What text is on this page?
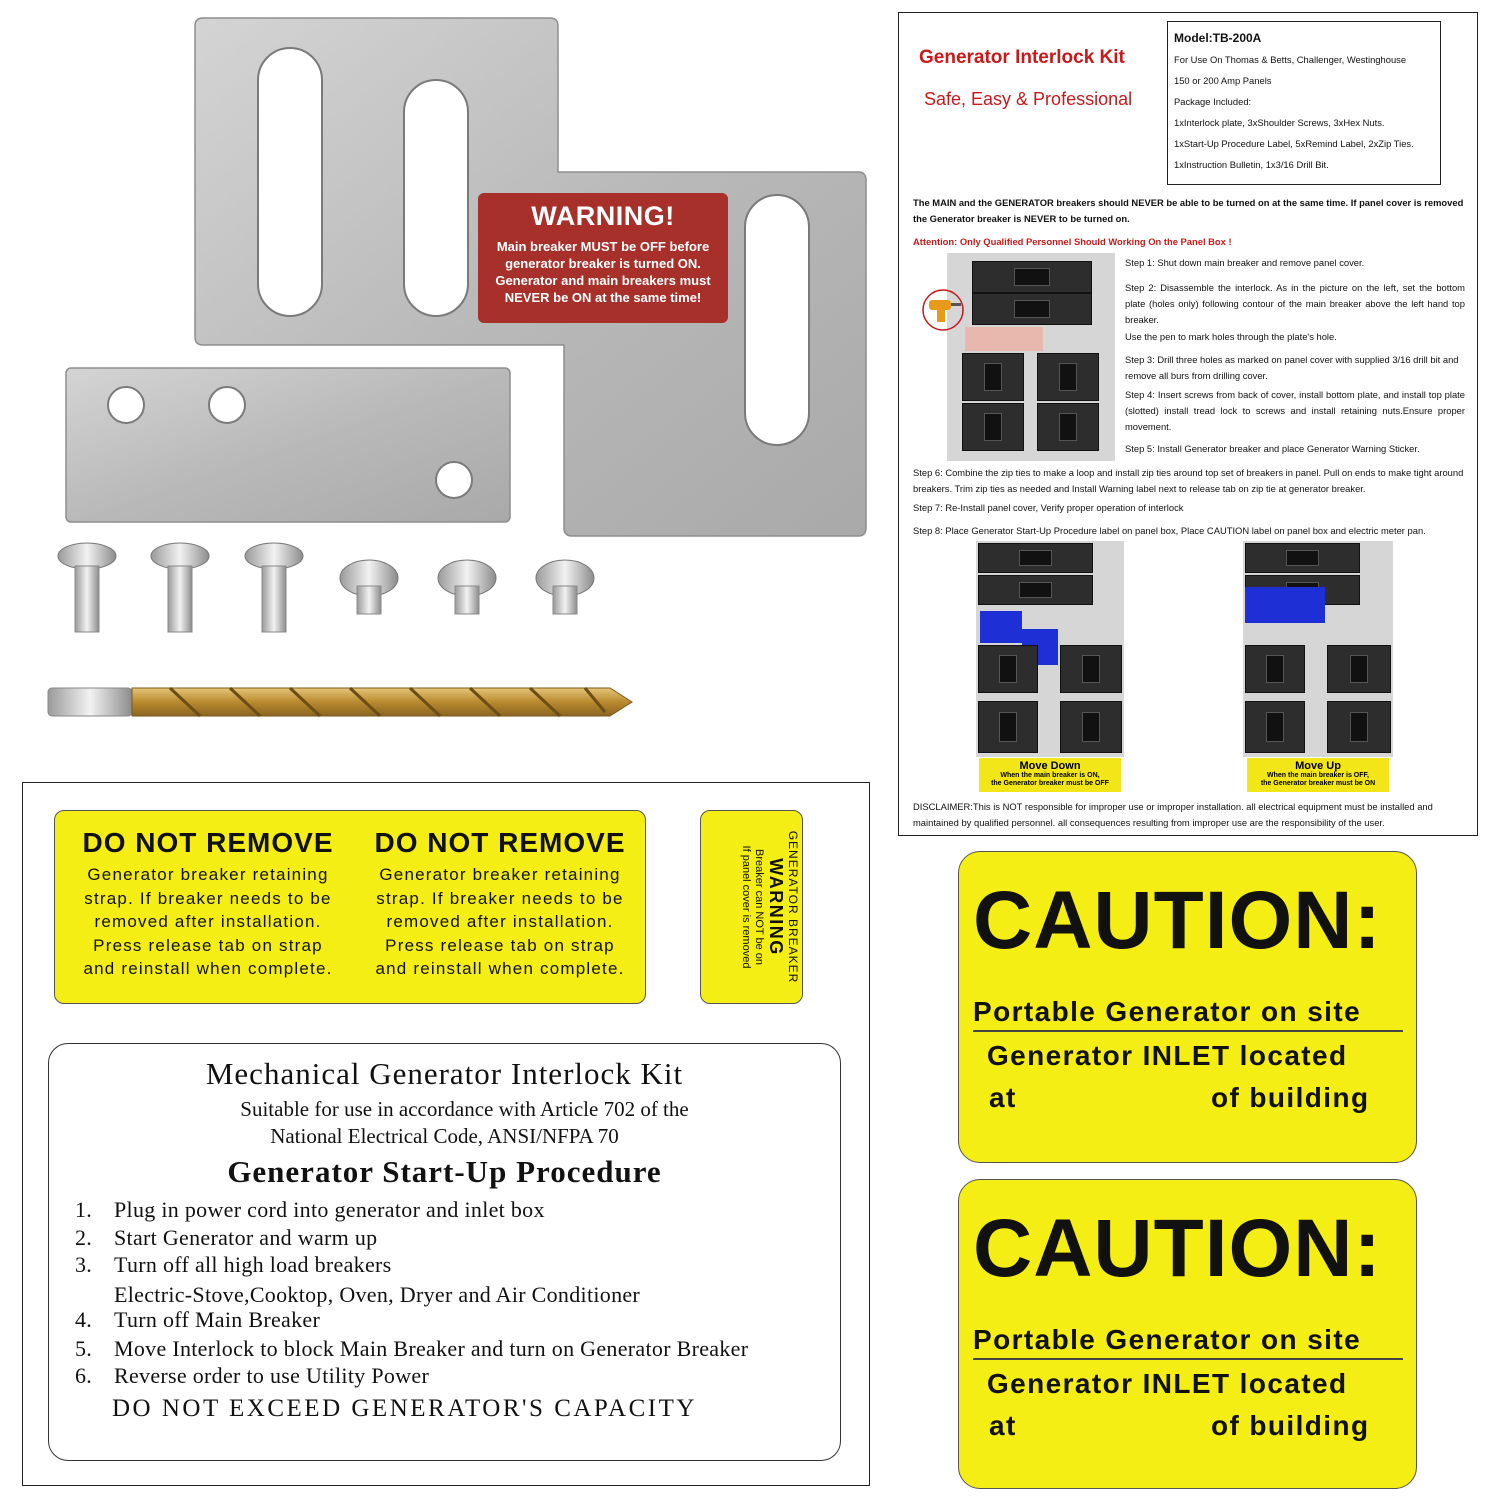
WARNING!
Main breaker MUST be OFF before
generator breaker is turned ON.
Generator and main breakers must
NEVER be ON at the same time!
Generator Interlock Kit
Safe, Easy & Professional
Model:TB-200A
For Use On Thomas & Betts, Challenger, Westinghouse
150 or 200 Amp Panels
Package Included:
1xInterlock plate, 3xShoulder Screws, 3xHex Nuts.
1xStart-Up Procedure Label, 5xRemind Label, 2xZip Ties.
1xInstruction Bulletin, 1x3/16 Drill Bit.
The MAIN and the GENERATOR breakers should NEVER be able to be turned on at the same time. If panel cover is removed the Generator breaker is NEVER to be turned on.
Attention: Only Qualified Personnel Should Working On the Panel Box !
Step 1: Shut down main breaker and remove panel cover.
Step 2: Disassemble the interlock. As in the picture on the left, set the bottom plate (holes only) following contour of the main breaker above the left hand top breaker.
Use the pen to mark holes through the plate's hole.
Step 3: Drill three holes as marked on panel cover with supplied 3/16 drill bit and remove all burs from drilling cover.
Step 4: Insert screws from back of cover, install bottom plate, and install top plate (slotted) install tread lock to screws and install retaining nuts.Ensure proper movement.
Step 5: Install Generator breaker and place Generator Warning Sticker.
Step 6: Combine the zip ties to make a loop and install zip ties around top set of breakers in panel. Pull on ends to make tight around breakers. Trim zip ties as needed and Install Warning label next to release tab on zip tie at generator breaker.
Step 7: Re-Install panel cover, Verify proper operation of interlock
Step 8: Place Generator Start-Up Procedure label on panel box, Place CAUTION label on panel box and electric meter pan.
Move Down
When the main breaker is ON,
the Generator breaker must be OFF
Move Up
When the main breaker is OFF,
the Generator breaker must be ON
DISCLAIMER:This is NOT responsible for improper use or improper installation. all electrical equipment must be installed and maintained by qualified personnel. all consequences resulting from improper use are the responsibility of the user.
DO NOT REMOVE
Generator breaker retaining
strap. If breaker needs to be
removed after installation.
Press release tab on strap
and reinstall when complete.
DO NOT REMOVE
Generator breaker retaining
strap. If breaker needs to be
removed after installation.
Press release tab on strap
and reinstall when complete.	GENERATOR BREAKER
WARNING
Breaker can NOT be on
If panel cover is removed
Mechanical Generator Interlock Kit
Suitable for use in accordance with Article 702 of the
National Electrical Code, ANSI/NFPA 70
Generator Start-Up Procedure
1. Plug in power cord into generator and inlet box
2. Start Generator and warm up
3. Turn off all high load breakers
Electric-Stove,Cooktop, Oven, Dryer and Air Conditioner
4. Turn off Main Breaker
5. Move Interlock to block Main Breaker and turn on Generator Breaker
6. Reverse order to use Utility Power
DO NOT EXCEED GENERATOR'S CAPACITY
CAUTION:
Portable Generator on site
Generator INLET located
at	of building
CAUTION:
Portable Generator on site
Generator INLET located
at	of building
